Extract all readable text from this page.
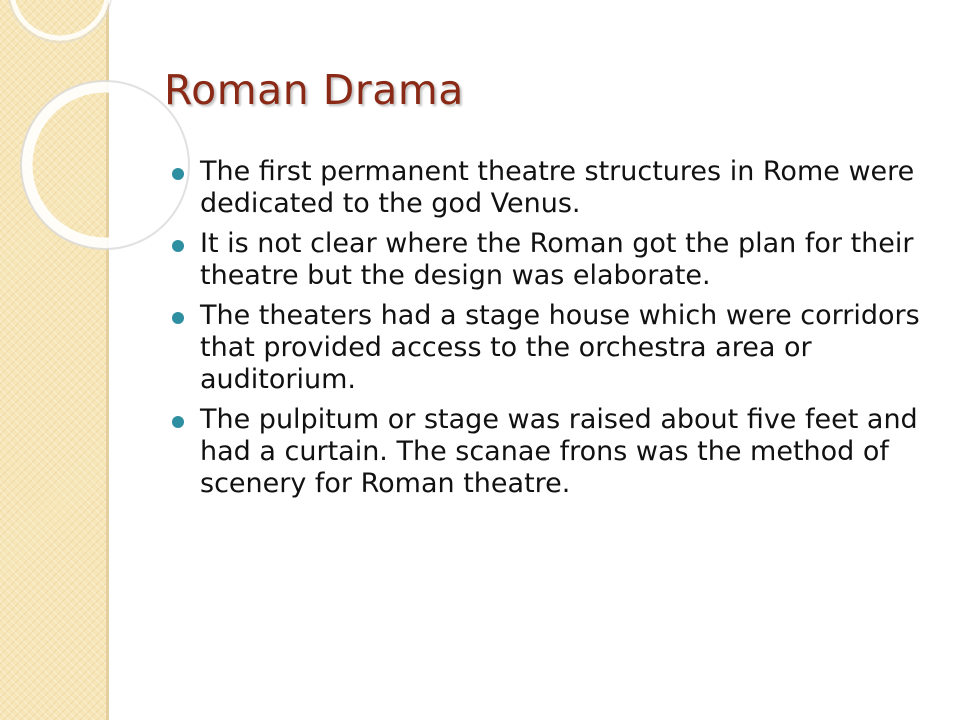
Roman Drama
The first permanent theatre structures in Rome were dedicated to the god Venus.
It is not clear where the Roman got the plan for their theatre but the design was elaborate.
The theaters had a stage house which were corridors that provided access to the orchestra area or auditorium.
The pulpitum or stage was raised about five feet and had a curtain. The scanae frons was the method of scenery for Roman theatre.
